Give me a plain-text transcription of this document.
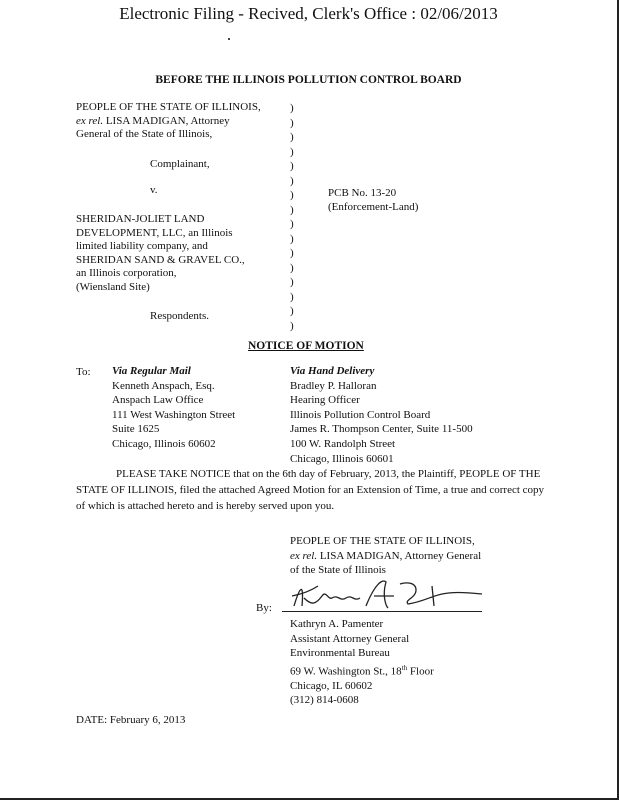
Electronic Filing - Recived, Clerk's Office : 02/06/2013
BEFORE THE ILLINOIS POLLUTION CONTROL BOARD
PEOPLE OF THE STATE OF ILLINOIS,
ex rel. LISA MADIGAN, Attorney
General of the State of Illinois,
Complainant,
v.
SHERIDAN-JOLIET LAND
DEVELOPMENT, LLC, an Illinois
limited liability company, and
SHERIDAN SAND & GRAVEL CO.,
an Illinois corporation,
(Wiensland Site)
Respondents.
)
)
)
)
)
)
)
)
)
)
)
)
)
)
)
)
PCB No. 13-20
(Enforcement-Land)
NOTICE OF MOTION
To: Via Regular Mail
Kenneth Anspach, Esq.
Anspach Law Office
111 West Washington Street
Suite 1625
Chicago, Illinois 60602
Via Hand Delivery
Bradley P. Halloran
Hearing Officer
Illinois Pollution Control Board
James R. Thompson Center, Suite 11-500
100 W. Randolph Street
Chicago, Illinois 60601
PLEASE TAKE NOTICE that on the 6th day of February, 2013, the Plaintiff, PEOPLE OF THE STATE OF ILLINOIS, filed the attached Agreed Motion for an Extension of Time, a true and correct copy of which is attached hereto and is hereby served upon you.
PEOPLE OF THE STATE OF ILLINOIS,
ex rel. LISA MADIGAN, Attorney General
of the State of Illinois
By:
Kathryn A. Pamenter
Assistant Attorney General
Environmental Bureau
69 W. Washington St., 18th Floor
Chicago, IL 60602
(312) 814-0608
DATE: February 6, 2013
